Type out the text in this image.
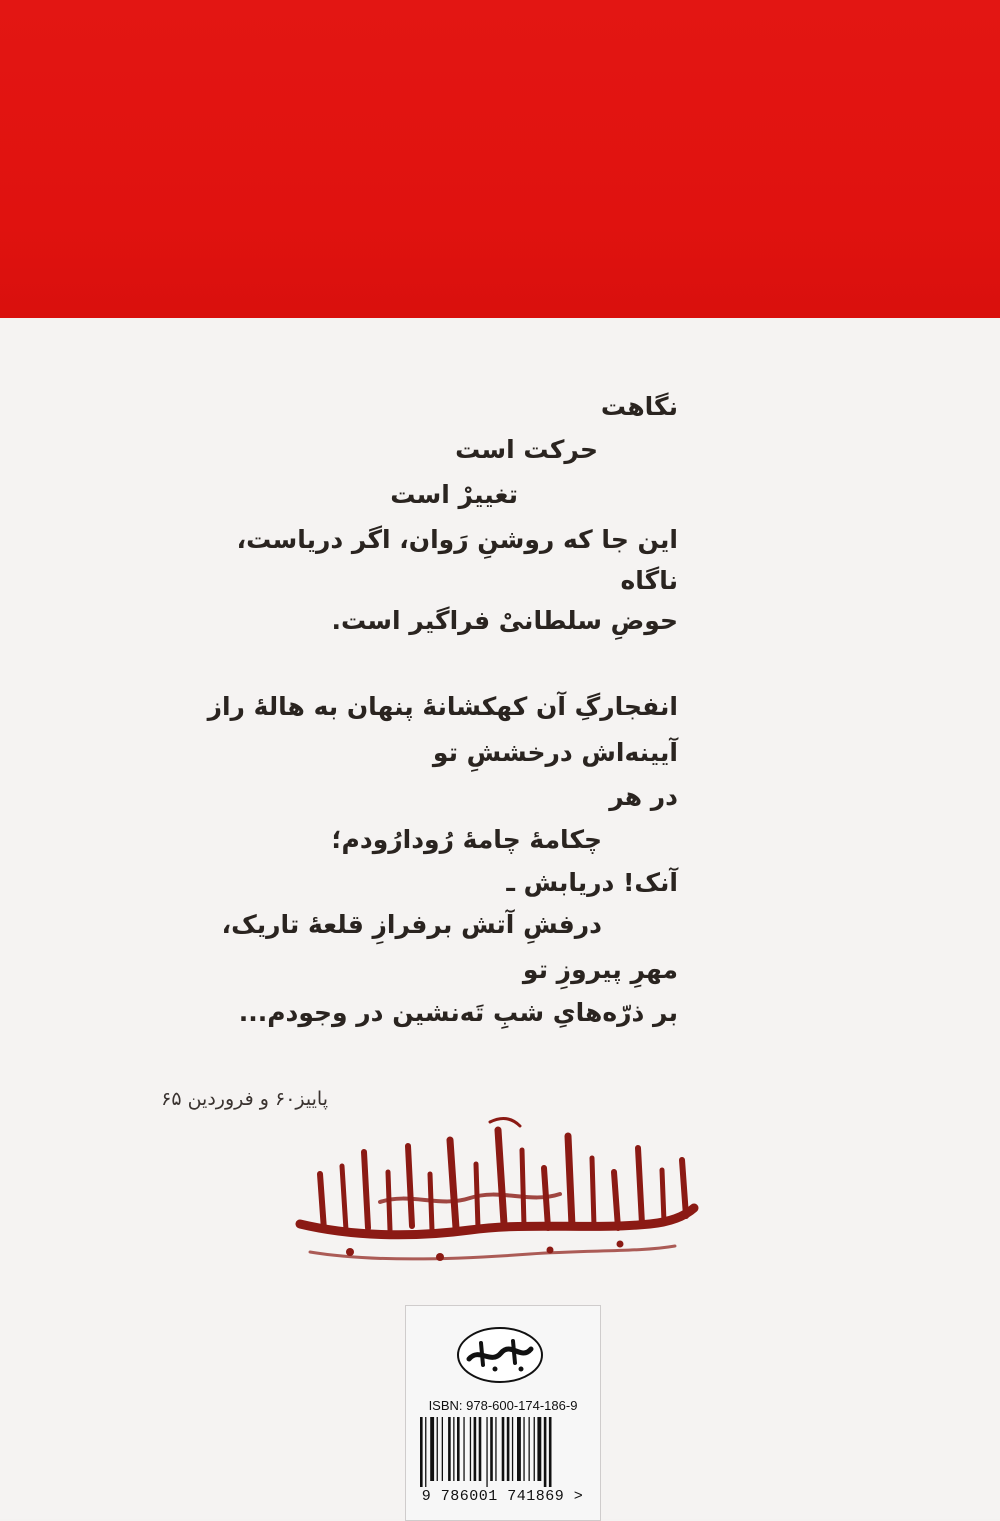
نگاهت
حرکت است
تغییرْ است
این جا که روشنِ رَوان، اگر دریاست،
ناگاه
حوضِ سلطانیْ فراگیر است.
انفجارگِ آن کهکشانهٔ پنهان به هالهٔ راز
آیینه‌اش درخششِ تو
در هر
چکامهٔ چامهٔ رُودارُودم؛
آنک! دریابش ـ
درفشِ آتش برفرازِ قلعهٔ تاریک،
مهرِ پیروزِ تو
بر ذرّه‌هایِ شبِ تَه‌نشین در وجودم...
پاییز۶۰ و فروردین ۶۵
ISBN: 978-600-174-186-9
9 786001 741869 >
